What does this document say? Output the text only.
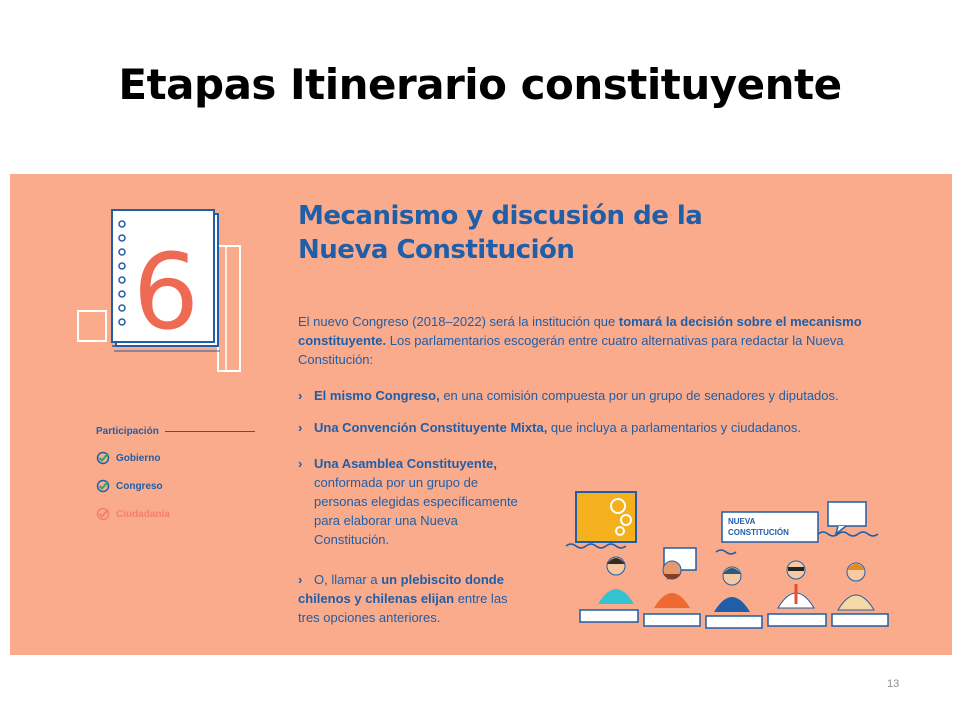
Etapas Itinerario constituyente
6
Participación
Gobierno
Congreso
Ciudadanía
Mecanismo y discusión de la
Nueva Constitución
El nuevo Congreso (2018–2022) será la institución que tomará la decisión sobre el mecanismo constituyente. Los parlamentarios escogerán entre cuatro alternativas para redactar la Nueva Constitución:
› El mismo Congreso, en una comisión compuesta por un grupo de senadores y diputados.
› Una Convención Constituyente Mixta, que incluya a parlamentarios y ciudadanos.
› Una Asamblea Constituyente,
conformada por un grupo de personas elegidas específicamente para elaborar una Nueva Constitución.
› O, llamar a un plebiscito donde chilenos y chilenas elijan entre las tres opciones anteriores.
NUEVA
CONSTITUCIÓN
13
